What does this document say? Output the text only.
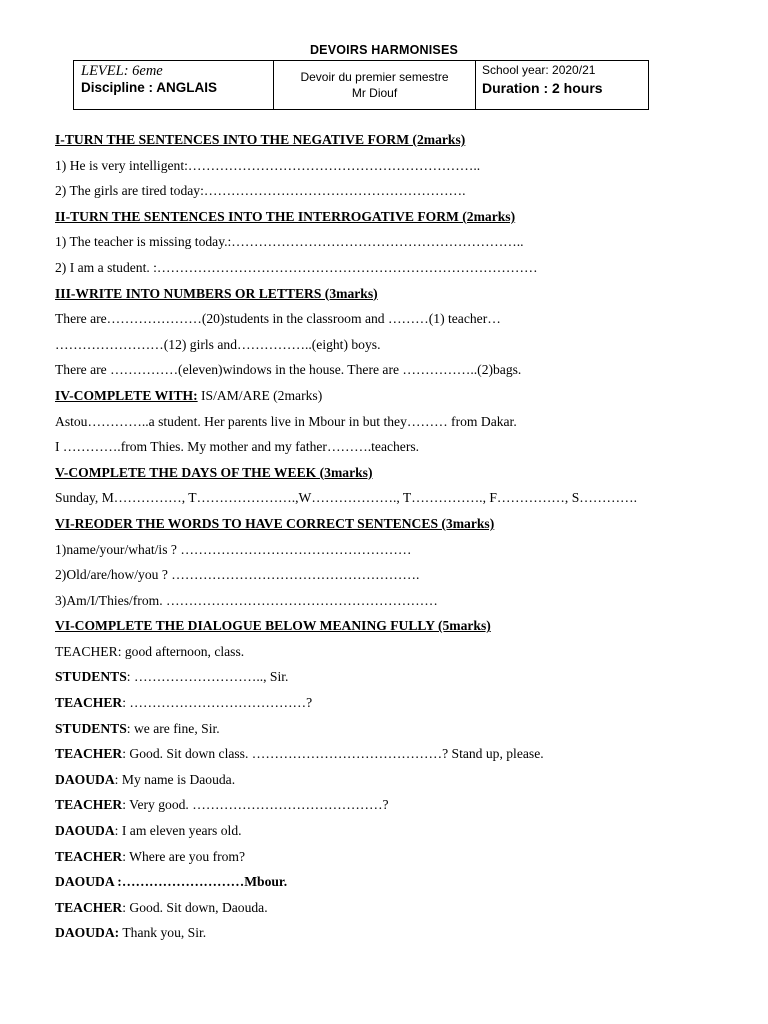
DEVOIRS HARMONISES
LEVEL: 6eme
Discipline : ANGLAIS
Devoir du premier semestre
Mr Diouf
School year: 2020/21
Duration : 2 hours
I-TURN THE SENTENCES INTO THE NEGATIVE FORM (2marks)
1) He is very intelligent:………………………………………………………..
2) The girls are tired today:………………………………………………….
II-TURN THE SENTENCES INTO THE INTERROGATIVE FORM (2marks)
1) The teacher is missing today.:………………………………………………………..
2) I am a student. :…………………………………………………………………………
III-WRITE INTO NUMBERS OR LETTERS (3marks)
There are…………………(20)students in the classroom and ………(1) teacher…
……………………(12) girls and……………..(eight) boys.
There are ……………(eleven)windows in the house. There are ……………..(2)bags.
IV-COMPLETE WITH: IS/AM/ARE (2marks)
Astou…………..a student. Her parents live in Mbour in but they……… from Dakar.
I ………….from Thies. My mother and my father……….teachers.
V-COMPLETE THE DAYS OF THE WEEK (3marks)
Sunday, M……………, T………………….,W………………., T……………., F……………, S………….
VI-REODER THE WORDS TO HAVE CORRECT SENTENCES (3marks)
1)name/your/what/is ? ……………………………………………
2)Old/are/how/you ? ……………………………………………….
3)Am/I/Thies/from. ……………………………………………………
VI-COMPLETE THE DIALOGUE BELOW MEANING FULLY (5marks)
TEACHER: good afternoon, class.
STUDENTS: ……………………….., Sir.
TEACHER: …………………………………?
STUDENTS: we are fine, Sir.
TEACHER: Good. Sit down class. ……………………………………? Stand up, please.
DAOUDA: My name is Daouda.
TEACHER: Very good. ……………………………………?
DAOUDA: I am eleven years old.
TEACHER: Where are you from?
DAOUDA :………………………Mbour.
TEACHER: Good. Sit down, Daouda.
DAOUDA: Thank you, Sir.
